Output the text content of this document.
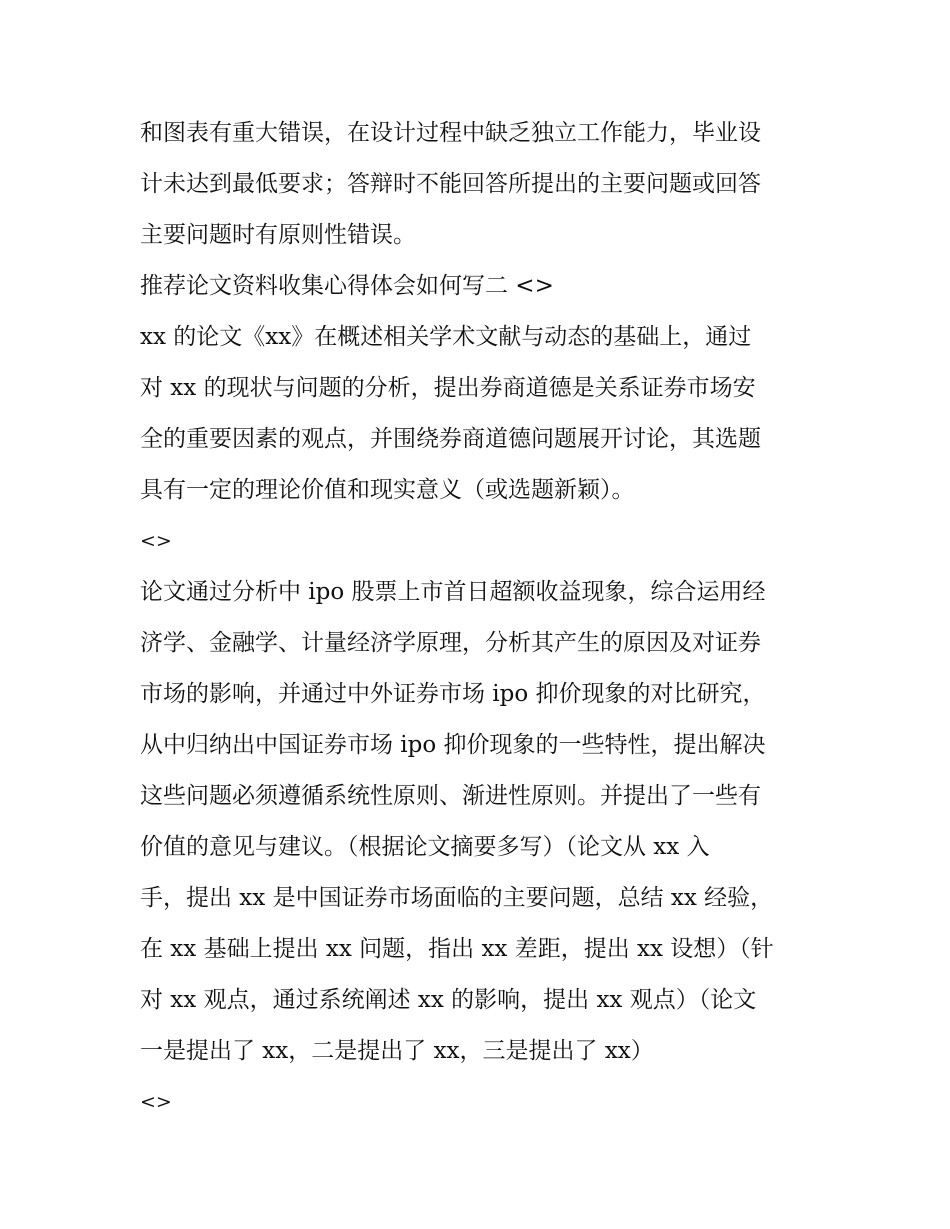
和图表有重大错误，在设计过程中缺乏独立工作能力，毕业设
计未达到最低要求；答辩时不能回答所提出的主要问题或回答
主要问题时有原则性错误。
推荐论文资料收集心得体会如何写二 <>
xx 的论文《xx》在概述相关学术文献与动态的基础上，通过
对 xx 的现状与问题的分析，提出券商道德是关系证券市场安
全的重要因素的观点，并围绕券商道德问题展开讨论，其选题
具有一定的理论价值和现实意义（或选题新颖）。
<>
论文通过分析中 ipo 股票上市首日超额收益现象，综合运用经
济学、金融学、计量经济学原理，分析其产生的原因及对证券
市场的影响，并通过中外证券市场 ipo 抑价现象的对比研究，
从中归纳出中国证券市场 ipo 抑价现象的一些特性，提出解决
这些问题必须遵循系统性原则、渐进性原则。并提出了一些有
价值的意见与建议。（根据论文摘要多写）（论文从 xx 入
手，提出 xx 是中国证券市场面临的主要问题，总结 xx 经验，
在 xx 基础上提出 xx 问题，指出 xx 差距，提出 xx 设想）（针
对 xx 观点，通过系统阐述 xx 的影响，提出 xx 观点）（论文
一是提出了 xx，二是提出了 xx，三是提出了 xx）
<>
